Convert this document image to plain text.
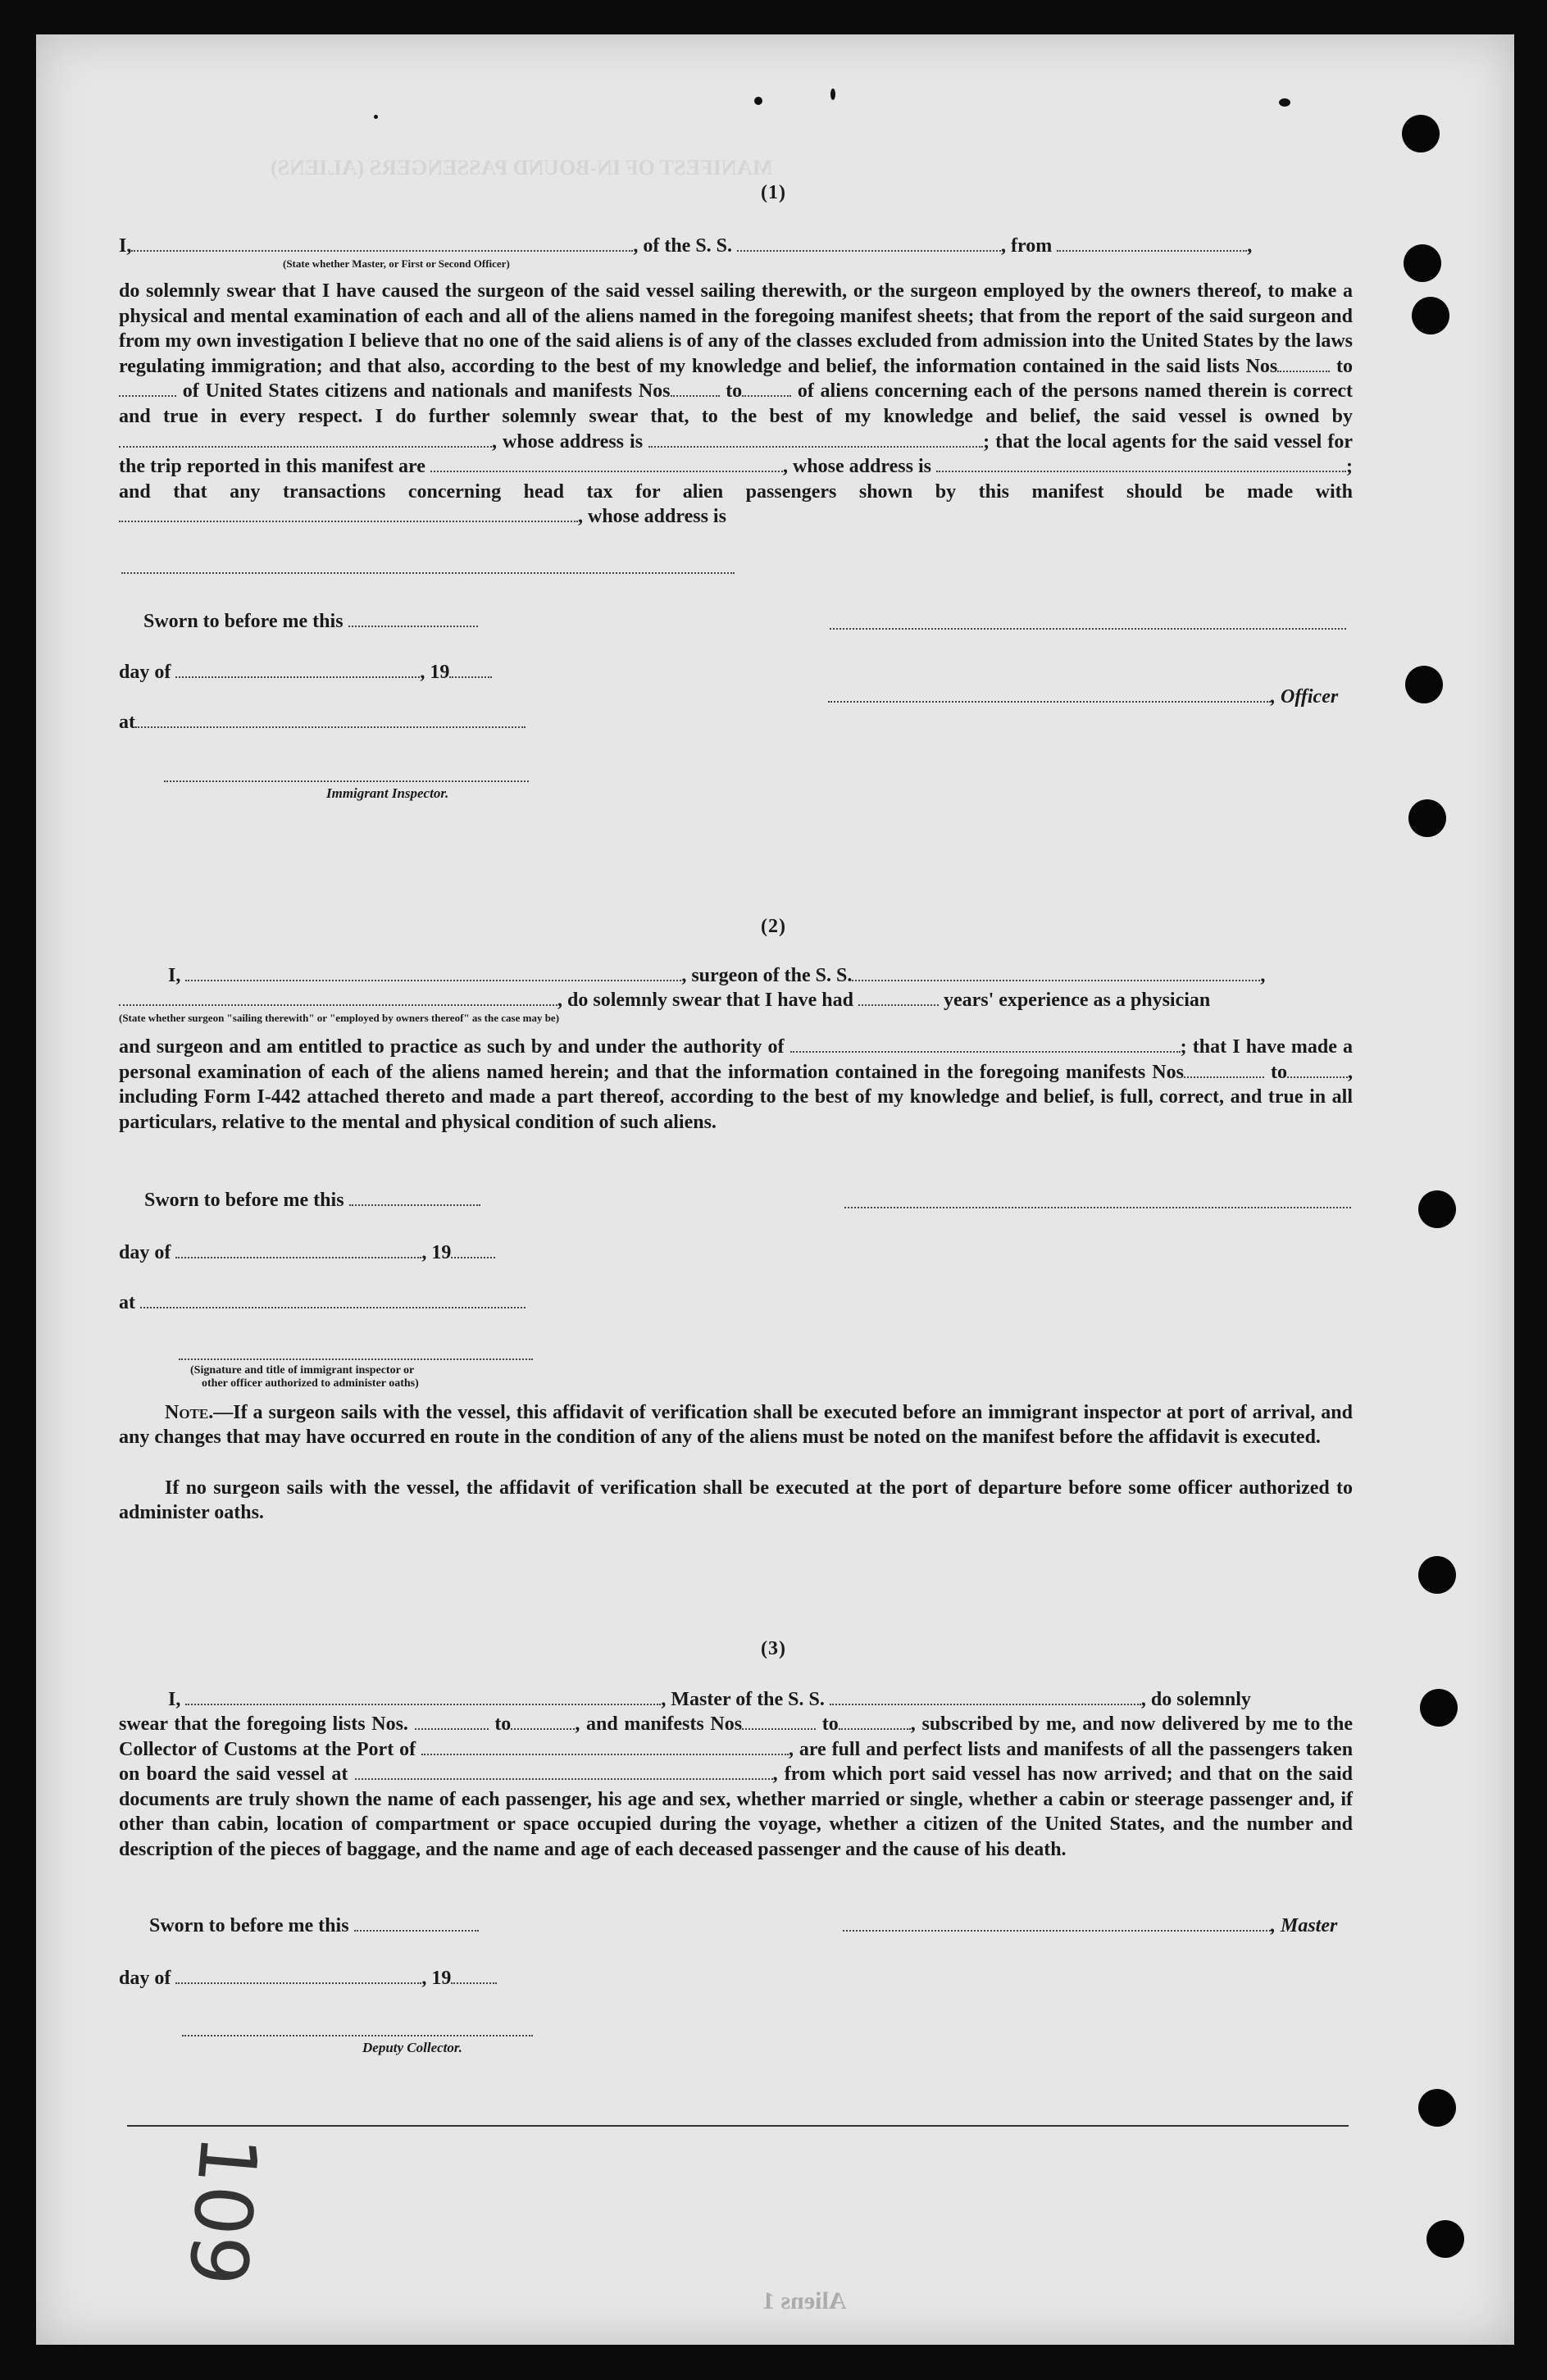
MANIFEST OF IN-BOUND PASSENGERS (ALIENS)
Aliens 1
(1)
I,	, of the S. S.	, from	,
(State whether Master, or First or Second Officer)
do solemnly swear that I have caused the surgeon of the said vessel sailing therewith, or the surgeon employed by the owners thereof, to make a physical and mental examination of each and all of the aliens named in the foregoing manifest sheets; that from the report of the said surgeon and from my own investigation I believe that no one of the said aliens is of any of the classes excluded from admission into the United States by the laws regulating immigration; and that also, according to the best of my knowledge and belief, the information contained in the said lists Nos	to of United States citizens and nationals and manifests Nos	to	of aliens concerning each of the persons named therein is correct and true in every respect. I do further solemnly swear that, to the best of my knowledge and belief, the said vessel is owned by , whose address is	; that the local agents for the said vessel for the trip reported in this manifest are	, whose address is	; and that any transactions concerning head tax for alien passengers shown by this manifest should be made with , whose address is
Sworn to before me this
day of	, 19
, Officer
at
Immigrant Inspector.
(2)
I,	, surgeon of the S. S.	,
, do solemnly swear that I have had	years' experience as a physician
(State whether surgeon "sailing therewith" or "employed by owners thereof" as the case may be)
and surgeon and am entitled to practice as such by and under the authority of	; that I have made a personal examination of each of the aliens named herein; and that the information contained in the foregoing manifests Nos	to	, including Form I-442 attached thereto and made a part thereof, according to the best of my knowledge and belief, is full, correct, and true in all particulars, relative to the mental and physical condition of such aliens.
Sworn to before me this
day of	, 19
at
(Signature and title of immigrant inspector or
other officer authorized to administer oaths)
Note.—If a surgeon sails with the vessel, this affidavit of verification shall be executed before an immigrant inspector at port of arrival, and any changes that may have occurred en route in the condition of any of the aliens must be noted on the manifest before the affidavit is executed.
If no surgeon sails with the vessel, the affidavit of verification shall be executed at the port of departure before some officer authorized to administer oaths.
(3)
I,	, Master of the S. S.	, do solemnly
swear that the foregoing lists Nos.	to	, and manifests Nos	to	, subscribed by me, and now delivered by me to the Collector of Customs at the Port of	, are full and perfect lists and manifests of all the passengers taken on board the said vessel at	, from which port said vessel has now arrived; and that on the said documents are truly shown the name of each passenger, his age and sex, whether married or single, whether a cabin or steerage passenger and, if other than cabin, location of compartment or space occupied during the voyage, whether a citizen of the United States, and the number and description of the pieces of baggage, and the name and age of each deceased passenger and the cause of his death.
Sworn to before me this	, Master
day of	, 19
Deputy Collector.
109
